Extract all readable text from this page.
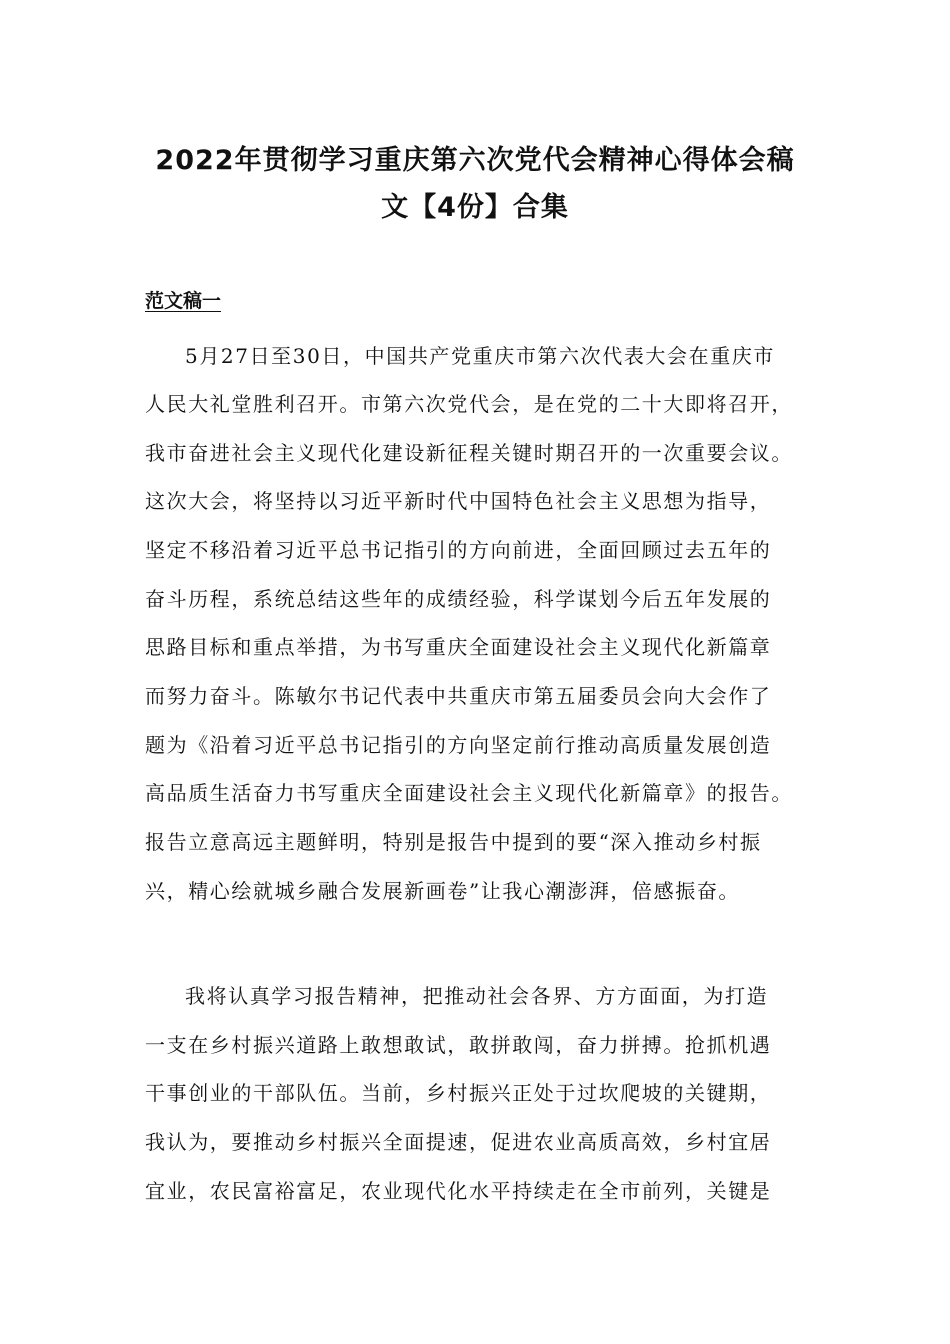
2022年贯彻学习重庆第六次党代会精神心得体会稿
文【4份】合集
范文稿一
5月27日至30日，中国共产党重庆市第六次代表大会在重庆市
人民大礼堂胜利召开。市第六次党代会，是在党的二十大即将召开，
我市奋进社会主义现代化建设新征程关键时期召开的一次重要会议。
这次大会，将坚持以习近平新时代中国特色社会主义思想为指导，
坚定不移沿着习近平总书记指引的方向前进，全面回顾过去五年的
奋斗历程，系统总结这些年的成绩经验，科学谋划今后五年发展的
思路目标和重点举措，为书写重庆全面建设社会主义现代化新篇章
而努力奋斗。陈敏尔书记代表中共重庆市第五届委员会向大会作了
题为《沿着习近平总书记指引的方向坚定前行推动高质量发展创造
高品质生活奋力书写重庆全面建设社会主义现代化新篇章》的报告。
报告立意高远主题鲜明，特别是报告中提到的要“深入推动乡村振
兴，精心绘就城乡融合发展新画卷”让我心潮澎湃，倍感振奋。
我将认真学习报告精神，把推动社会各界、方方面面，为打造
一支在乡村振兴道路上敢想敢试，敢拼敢闯，奋力拼搏。抢抓机遇
干事创业的干部队伍。当前，乡村振兴正处于过坎爬坡的关键期，
我认为，要推动乡村振兴全面提速，促进农业高质高效，乡村宜居
宜业，农民富裕富足，农业现代化水平持续走在全市前列，关键是
